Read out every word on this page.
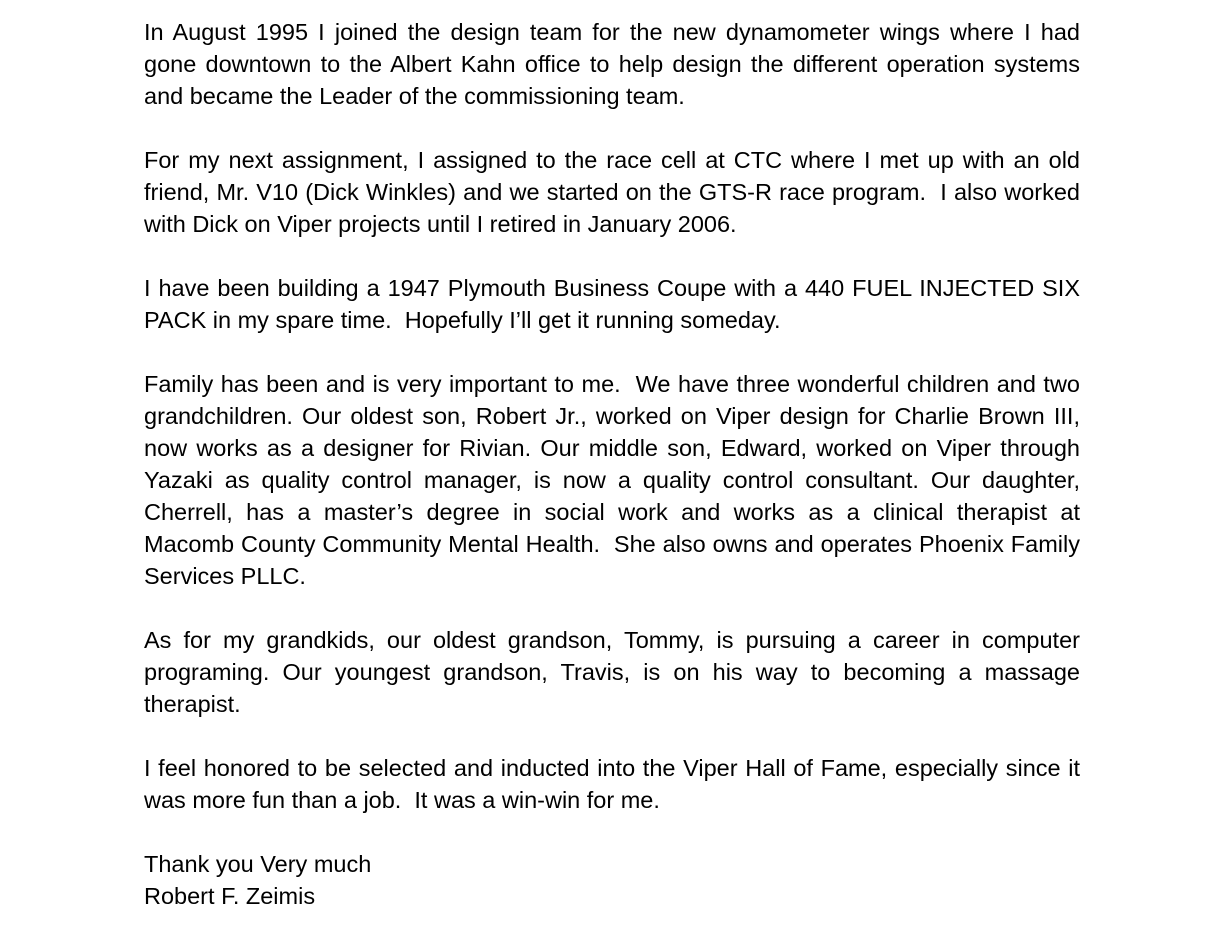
In August 1995 I joined the design team for the new dynamometer wings where I had gone downtown to the Albert Kahn office to help design the different operation systems and became the Leader of the commissioning team.

For my next assignment, I assigned to the race cell at CTC where I met up with an old friend, Mr. V10 (Dick Winkles) and we started on the GTS-R race program.  I also worked with Dick on Viper projects until I retired in January 2006.

I have been building a 1947 Plymouth Business Coupe with a 440 FUEL INJECTED SIX PACK in my spare time.  Hopefully I’ll get it running someday.

Family has been and is very important to me.  We have three wonderful children and two grandchildren. Our oldest son, Robert Jr., worked on Viper design for Charlie Brown III, now works as a designer for Rivian. Our middle son, Edward, worked on Viper through Yazaki as quality control manager, is now a quality control consultant. Our daughter, Cherrell, has a master’s degree in social work and works as a clinical therapist at Macomb County Community Mental Health.  She also owns and operates Phoenix Family Services PLLC.

As for my grandkids, our oldest grandson, Tommy, is pursuing a career in computer programing. Our youngest grandson, Travis, is on his way to becoming a massage therapist.

I feel honored to be selected and inducted into the Viper Hall of Fame, especially since it was more fun than a job.  It was a win-win for me.

Thank you Very much
Robert F. Zeimis
